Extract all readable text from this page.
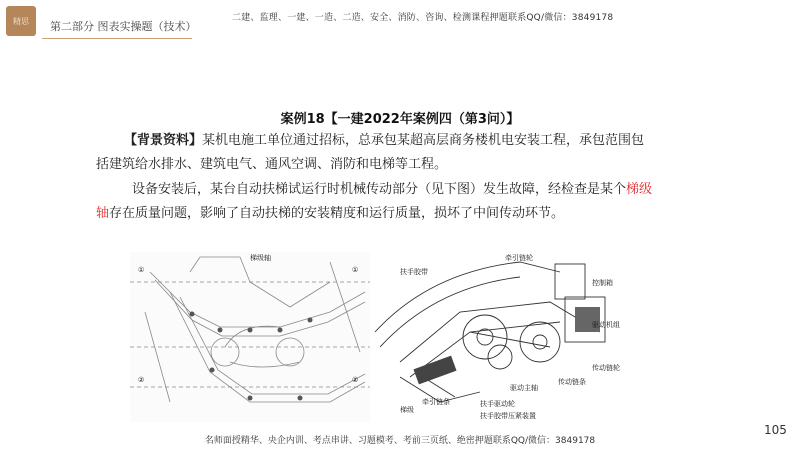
精思 第二部分 图表实操题（技术）
二建、监理、一建、一造、二造、安全、消防、咨询、检测课程押题联系QQ/微信：3849178
案例18【一建2022年案例四（第3问）】
【背景资料】某机电施工单位通过招标，总承包某超高层商务楼机电安装工程，承包范围包括建筑给水排水、建筑电气、通风空调、消防和电梯等工程。
设备安装后，某台自动扶梯试运行时机械传动部分（见下图）发生故障，经检查是某个梯级轴存在质量问题，影响了自动扶梯的安装精度和运行质量，损坏了中间传动环节。
梯级轴
①	①
②	②
扶手胶带
牵引链轮
控制箱
驱动机组
传动链轮
传动链条
驱动主轴
梯级
牵引链条	扶手驱动轮
扶手胶带压紧装置
105
名师面授精华、央企内训、考点串讲、习题模考、考前三页纸、绝密押题联系QQ/微信：3849178
